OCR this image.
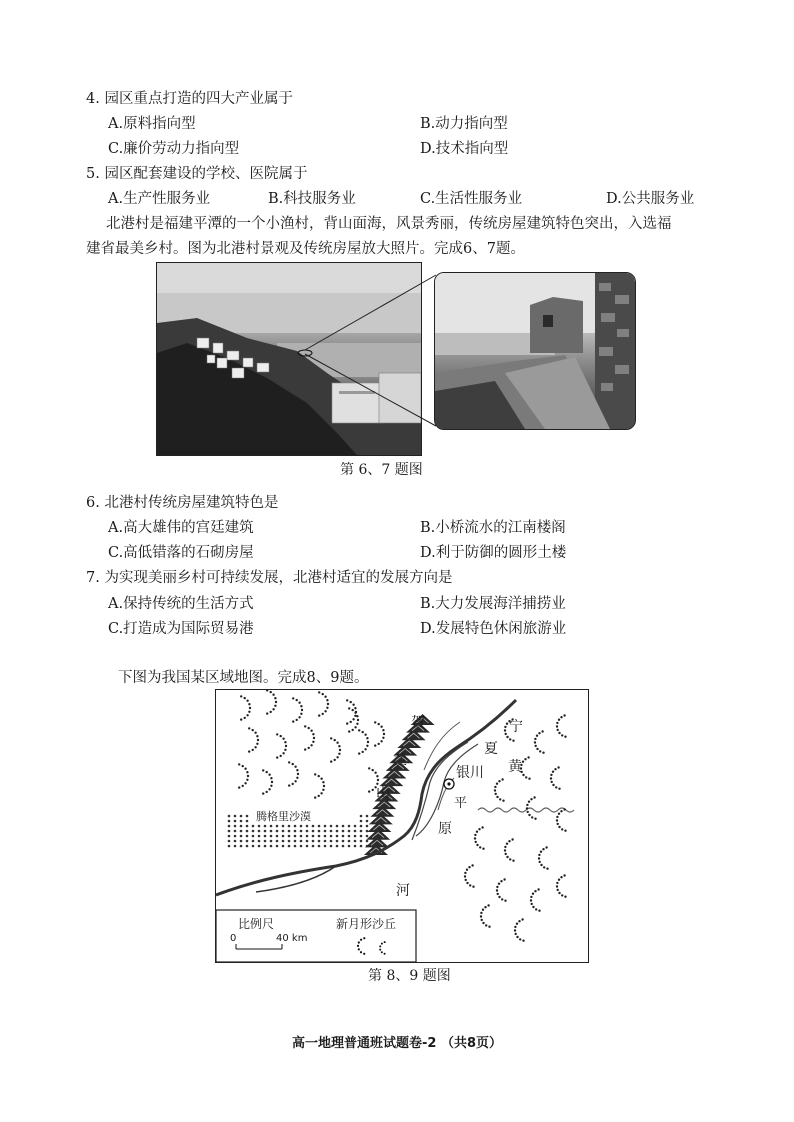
4. 园区重点打造的四大产业属于
A.原料指向型	B.动力指向型
C.廉价劳动力指向型	D.技术指向型
5. 园区配套建设的学校、医院属于
A.生产性服务业	B.科技服务业	C.生活性服务业	D.公共服务业
北港村是福建平潭的一个小渔村，背山面海，风景秀丽，传统房屋建筑特色突出，入选福
建省最美乡村。图为北港村景观及传统房屋放大照片。完成6、7题。
第 6、7 题图
6. 北港村传统房屋建筑特色是
A.高大雄伟的宫廷建筑	B.小桥流水的江南楼阁
C.高低错落的石砌房屋	D.利于防御的圆形土楼
7. 为实现美丽乡村可持续发展，北港村适宜的发展方向是
A.保持传统的生活方式	B.大力发展海洋捕捞业
C.打造成为国际贸易港	D.发展特色休闲旅游业
下图为我国某区域地图。完成8、9题。
贺
兰
山
宁
夏
银川 黄
平
原
河
腾格里沙漠
比例尺
0	40 km
新月形沙丘
第 8、9 题图
高一地理普通班试题卷-2 （共8页）
